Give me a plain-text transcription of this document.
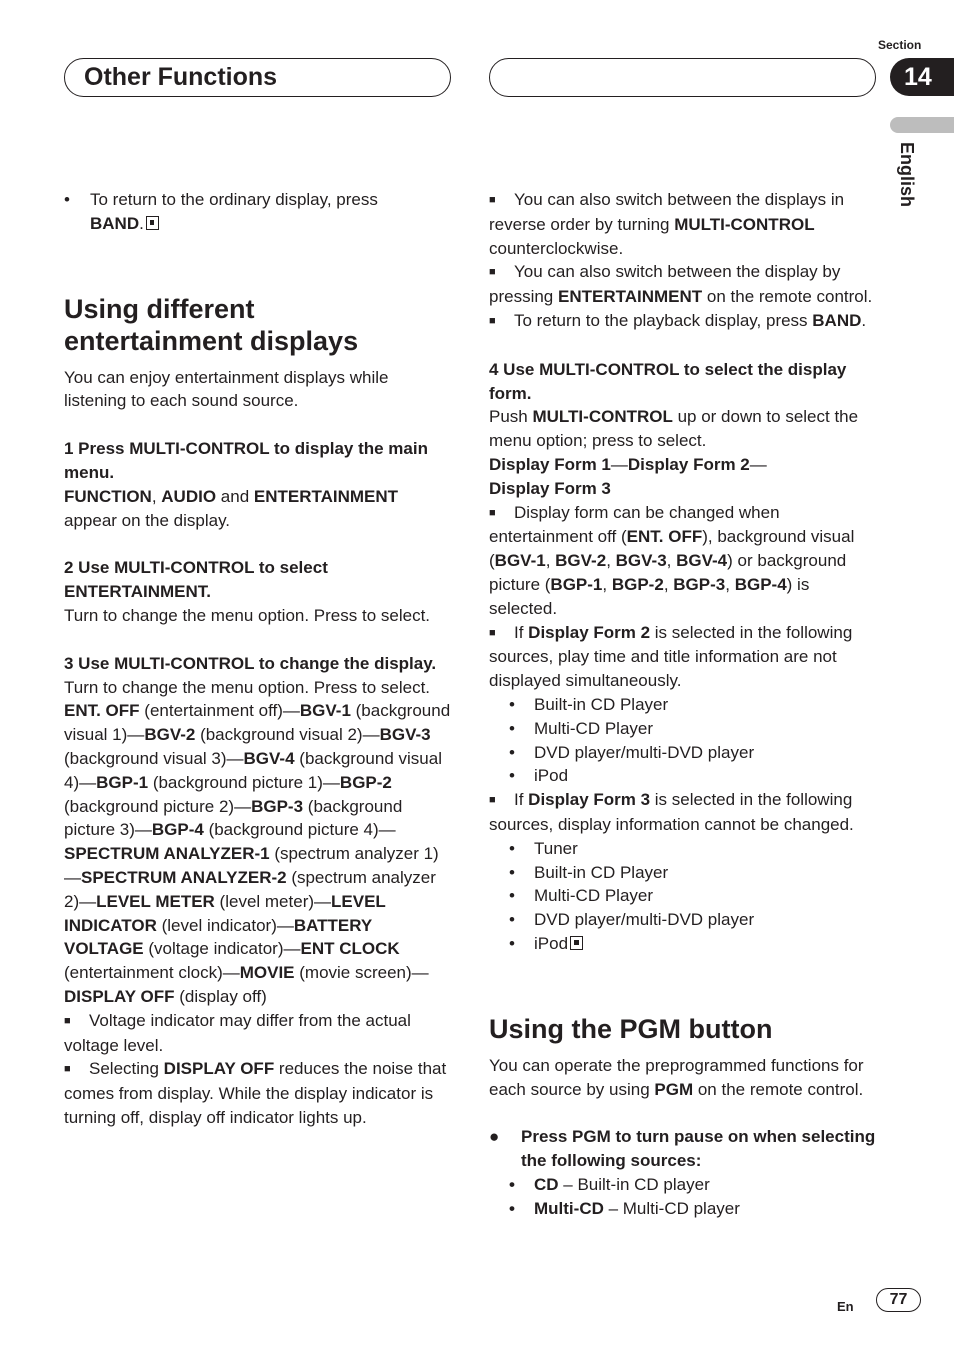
Other Functions
Section
14
English

• To return to the ordinary display, press
BAND.

Using different
entertainment displays

You can enjoy entertainment displays while listening to each sound source.

1 Press MULTI-CONTROL to display the main menu.

FUNCTION, AUDIO and ENTERTAINMENT appear on the display.

2 Use MULTI-CONTROL to select ENTERTAINMENT.

Turn to change the menu option. Press to select.

3 Use MULTI-CONTROL to change the display.

Turn to change the menu option. Press to select.

ENT. OFF (entertainment off)—BGV-1 (background visual 1)—BGV-2 (background visual 2)—BGV-3 (background visual 3)—BGV-4 (background visual 4)—BGP-1 (background picture 1)—BGP-2 (background picture 2)—BGP-3 (background picture 3)—BGP-4 (background picture 4)—SPECTRUM ANALYZER-1 (spectrum analyzer 1)—SPECTRUM ANALYZER-2 (spectrum analyzer 2)—LEVEL METER (level meter)—LEVEL INDICATOR (level indicator)—BATTERY VOLTAGE (voltage indicator)—ENT CLOCK (entertainment clock)—MOVIE (movie screen)—DISPLAY OFF (display off)

■ Voltage indicator may differ from the actual voltage level.

■ Selecting DISPLAY OFF reduces the noise that comes from display. While the display indicator is turning off, display off indicator lights up.

■ You can also switch between the displays in reverse order by turning MULTI-CONTROL counterclockwise.

■ You can also switch between the display by pressing ENTERTAINMENT on the remote control.

■ To return to the playback display, press BAND.

4 Use MULTI-CONTROL to select the display form.

Push MULTI-CONTROL up or down to select the menu option; press to select.

Display Form 1—Display Form 2—
Display Form 3

■ Display form can be changed when entertainment off (ENT. OFF), background visual (BGV-1, BGV-2, BGV-3, BGV-4) or background picture (BGP-1, BGP-2, BGP-3, BGP-4) is selected.

■ If Display Form 2 is selected in the following sources, play time and title information are not displayed simultaneously.

• Built-in CD Player

• Multi-CD Player

• DVD player/multi-DVD player

• iPod

■ If Display Form 3 is selected in the following sources, display information cannot be changed.

• Tuner

• Built-in CD Player

• Multi-CD Player

• DVD player/multi-DVD player

• iPod

Using the PGM button

You can operate the preprogrammed functions for each source by using PGM on the remote control.

● Press PGM to turn pause on when selecting the following sources:

• CD – Built-in CD player

• Multi-CD – Multi-CD player

En	77
